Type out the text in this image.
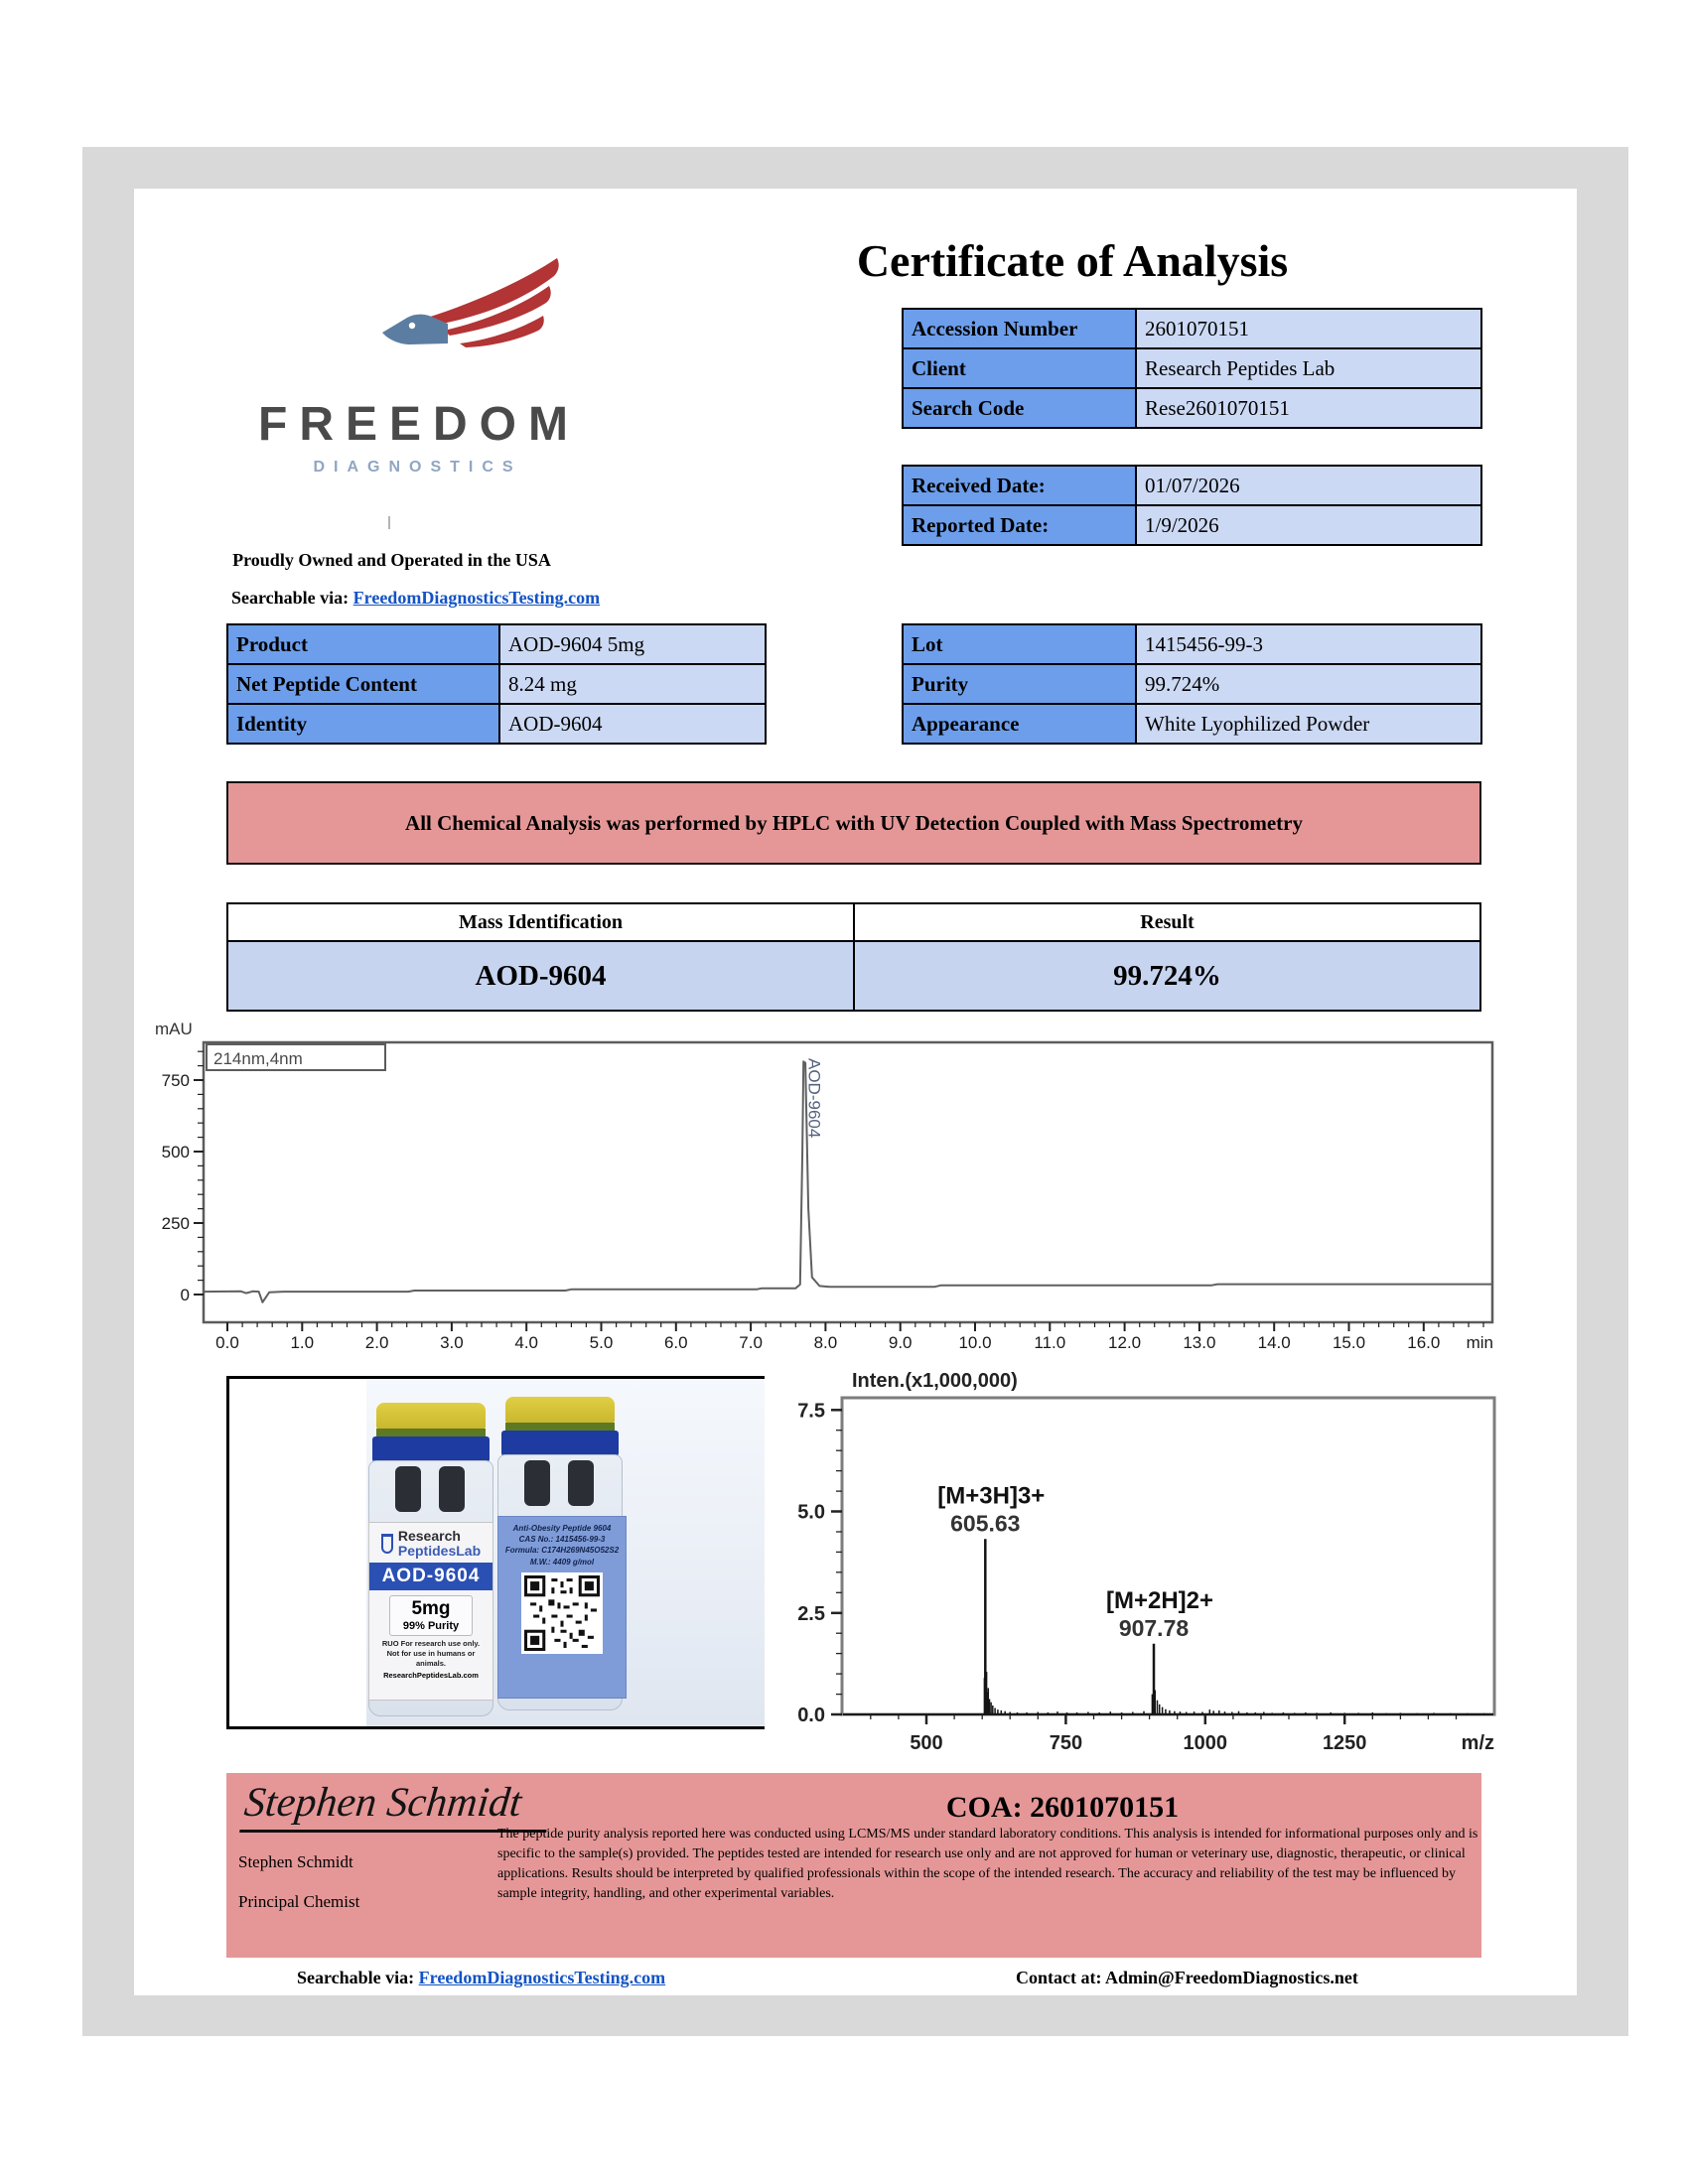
FREEDOM
DIAGNOSTICS
Proudly Owned and Operated in the USA
Searchable via: FreedomDiagnosticsTesting.com
Certificate of Analysis
Accession Number	2601070151
Client	Research Peptides Lab
Search Code	Rese2601070151
Received Date:	01/07/2026
Reported Date:	1/9/2026
Product	AOD-9604 5mg
Net Peptide Content	8.24 mg
Identity	AOD-9604
Lot	1415456-99-3
Purity	99.724%
Appearance	White Lyophilized Powder
All Chemical Analysis was performed by HPLC with UV Detection Coupled with Mass Spectrometry
Mass Identification	Result
AOD-9604	99.724%
mAU
214nm,4nm
0.0	1.0	2.0	3.0	4.0	5.0	6.0	7.0	8.0	9.0	10.0	11.0	12.0 13.0 14.0 15.0 16.0 min
0
250
500
750	AOD-9604
Anti-Obesity Peptide 9604
CAS No.: 1415456-99-3
Formula: C174H269N45O52S2
M.W.: 4409 g/mol
Research
PeptidesLab
AOD-9604
5mg
99% Purity
RUO For research use only. Not for use in humans or animals.
ResearchPeptidesLab.com
Inten.(x1,000,000)
0.0
2.5
5.0
7.5
500	750	1000	1250	m/z
[M+3H]3+
605.63
[M+2H]2+
907.78
Stephen Schmidt	COA: 2601070151
Stephen Schmidt
Principal Chemist
The peptide purity analysis reported here was conducted using LCMS/MS under standard laboratory conditions. This analysis is intended for informational purposes only and is specific to the sample(s) provided. The peptides tested are intended for research use only and are not approved for human or veterinary use, diagnostic, therapeutic, or clinical applications. Results should be interpreted by qualified professionals within the scope of the intended research. The accuracy and reliability of the test may be influenced by sample integrity, handling, and other experimental variables.
Searchable via: FreedomDiagnosticsTesting.com	Contact at: Admin@FreedomDiagnostics.net
